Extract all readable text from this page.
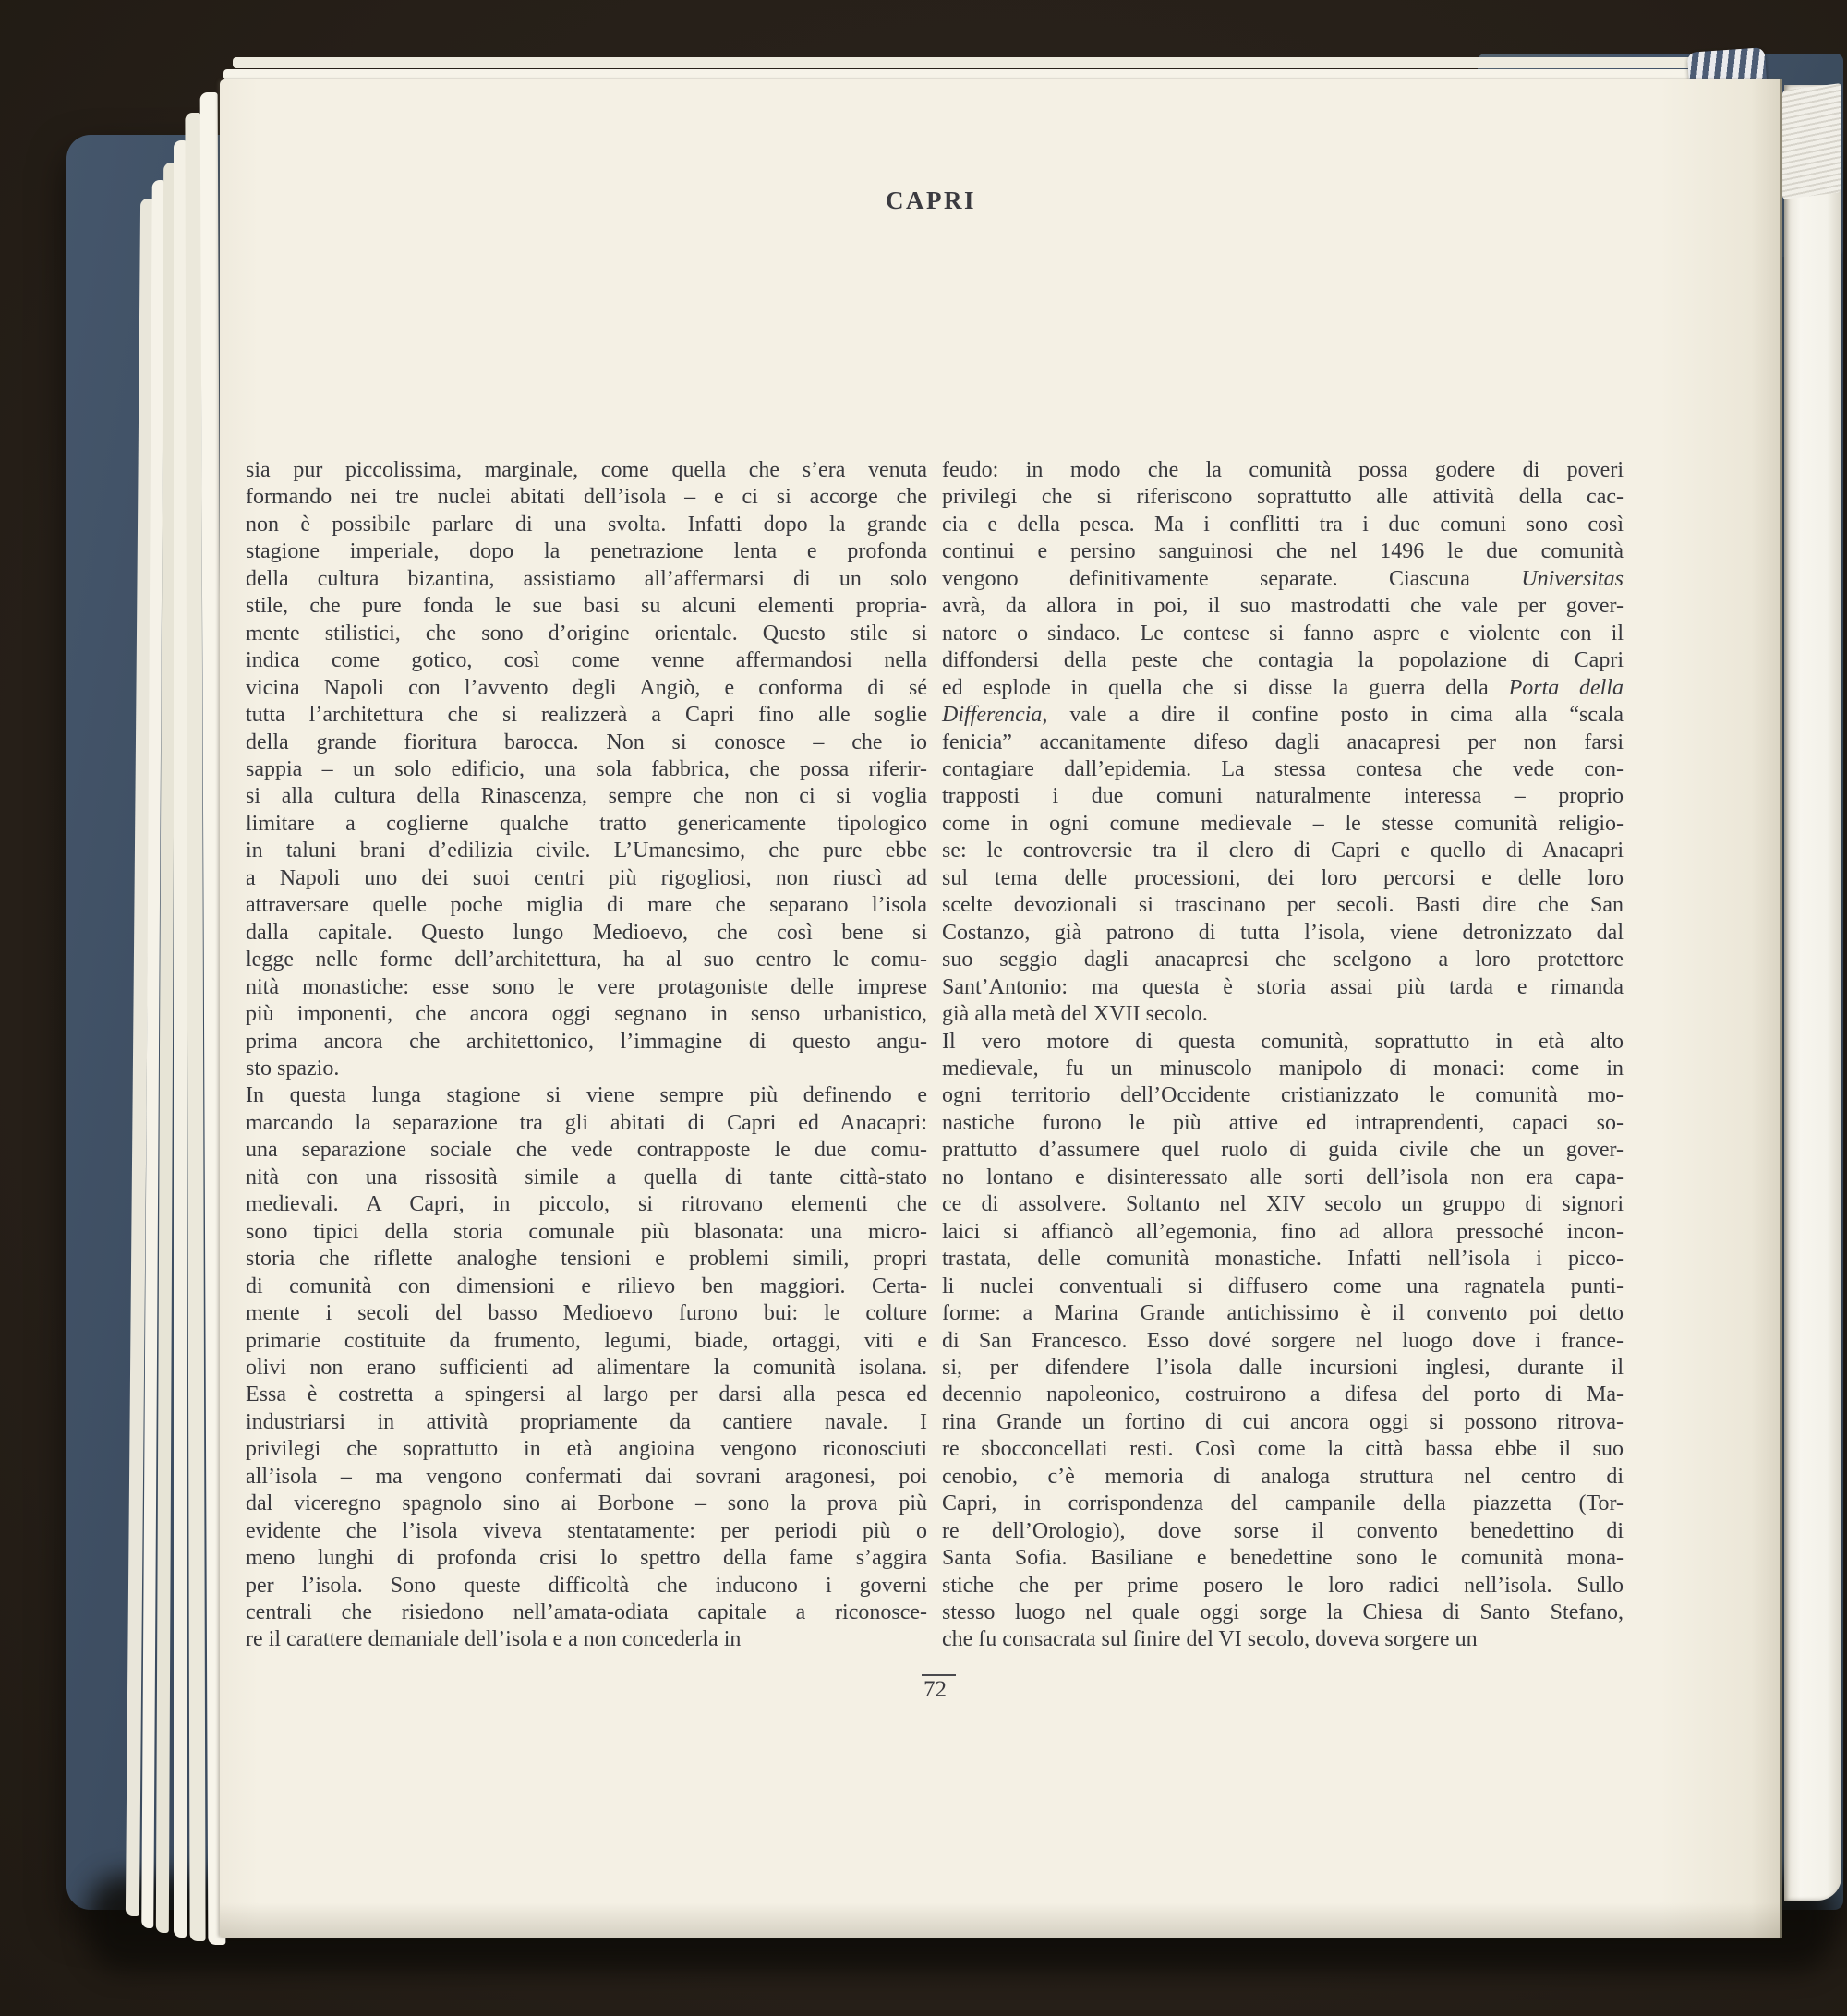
CAPRI
sia pur piccolissima, marginale, come quella che s’era venuta
formando nei tre nuclei abitati dell’isola – e ci si accorge che
non è possibile parlare di una svolta. Infatti dopo la grande
stagione imperiale, dopo la penetrazione lenta e profonda
della cultura bizantina, assistiamo all’affermarsi di un solo
stile, che pure fonda le sue basi su alcuni elementi propria-
mente stilistici, che sono d’origine orientale. Questo stile si
indica come gotico, così come venne affermandosi nella
vicina Napoli con l’avvento degli Angiò, e conforma di sé
tutta l’architettura che si realizzerà a Capri fino alle soglie
della grande fioritura barocca. Non si conosce – che io
sappia – un solo edificio, una sola fabbrica, che possa riferir-
si alla cultura della Rinascenza, sempre che non ci si voglia
limitare a coglierne qualche tratto genericamente tipologico
in taluni brani d’edilizia civile. L’Umanesimo, che pure ebbe
a Napoli uno dei suoi centri più rigogliosi, non riuscì ad
attraversare quelle poche miglia di mare che separano l’isola
dalla capitale. Questo lungo Medioevo, che così bene si
legge nelle forme dell’architettura, ha al suo centro le comu-
nità monastiche: esse sono le vere protagoniste delle imprese
più imponenti, che ancora oggi segnano in senso urbanistico,
prima ancora che architettonico, l’immagine di questo angu-
sto spazio.
In questa lunga stagione si viene sempre più definendo e
marcando la separazione tra gli abitati di Capri ed Anacapri:
una separazione sociale che vede contrapposte le due comu-
nità con una rissosità simile a quella di tante città-stato
medievali. A Capri, in piccolo, si ritrovano elementi che
sono tipici della storia comunale più blasonata: una micro-
storia che riflette analoghe tensioni e problemi simili, propri
di comunità con dimensioni e rilievo ben maggiori. Certa-
mente i secoli del basso Medioevo furono bui: le colture
primarie costituite da frumento, legumi, biade, ortaggi, viti e
olivi non erano sufficienti ad alimentare la comunità isolana.
Essa è costretta a spingersi al largo per darsi alla pesca ed
industriarsi in attività propriamente da cantiere navale. I
privilegi che soprattutto in età angioina vengono riconosciuti
all’isola – ma vengono confermati dai sovrani aragonesi, poi
dal viceregno spagnolo sino ai Borbone – sono la prova più
evidente che l’isola viveva stentatamente: per periodi più o
meno lunghi di profonda crisi lo spettro della fame s’aggira
per l’isola. Sono queste difficoltà che inducono i governi
centrali che risiedono nell’amata-odiata capitale a riconosce-
re il carattere demaniale dell’isola e a non concederla in
feudo: in modo che la comunità possa godere di poveri
privilegi che si riferiscono soprattutto alle attività della cac-
cia e della pesca. Ma i conflitti tra i due comuni sono così
continui e persino sanguinosi che nel 1496 le due comunità
vengono definitivamente separate. Ciascuna Universitas
avrà, da allora in poi, il suo mastrodatti che vale per gover-
natore o sindaco. Le contese si fanno aspre e violente con il
diffondersi della peste che contagia la popolazione di Capri
ed esplode in quella che si disse la guerra della Porta della
Differencia, vale a dire il confine posto in cima alla “scala
fenicia” accanitamente difeso dagli anacapresi per non farsi
contagiare dall’epidemia. La stessa contesa che vede con-
trapposti i due comuni naturalmente interessa – proprio
come in ogni comune medievale – le stesse comunità religio-
se: le controversie tra il clero di Capri e quello di Anacapri
sul tema delle processioni, dei loro percorsi e delle loro
scelte devozionali si trascinano per secoli. Basti dire che San
Costanzo, già patrono di tutta l’isola, viene detronizzato dal
suo seggio dagli anacapresi che scelgono a loro protettore
Sant’Antonio: ma questa è storia assai più tarda e rimanda
già alla metà del XVII secolo.
Il vero motore di questa comunità, soprattutto in età alto
medievale, fu un minuscolo manipolo di monaci: come in
ogni territorio dell’Occidente cristianizzato le comunità mo-
nastiche furono le più attive ed intraprendenti, capaci so-
prattutto d’assumere quel ruolo di guida civile che un gover-
no lontano e disinteressato alle sorti dell’isola non era capa-
ce di assolvere. Soltanto nel XIV secolo un gruppo di signori
laici si affiancò all’egemonia, fino ad allora pressoché incon-
trastata, delle comunità monastiche. Infatti nell’isola i picco-
li nuclei conventuali si diffusero come una ragnatela punti-
forme: a Marina Grande antichissimo è il convento poi detto
di San Francesco. Esso dové sorgere nel luogo dove i france-
si, per difendere l’isola dalle incursioni inglesi, durante il
decennio napoleonico, costruirono a difesa del porto di Ma-
rina Grande un fortino di cui ancora oggi si possono ritrova-
re sbocconcellati resti. Così come la città bassa ebbe il suo
cenobio, c’è memoria di analoga struttura nel centro di
Capri, in corrispondenza del campanile della piazzetta (Tor-
re dell’Orologio), dove sorse il convento benedettino di
Santa Sofia. Basiliane e benedettine sono le comunità mona-
stiche che per prime posero le loro radici nell’isola. Sullo
stesso luogo nel quale oggi sorge la Chiesa di Santo Stefano,
che fu consacrata sul finire del VI secolo, doveva sorgere un
72
